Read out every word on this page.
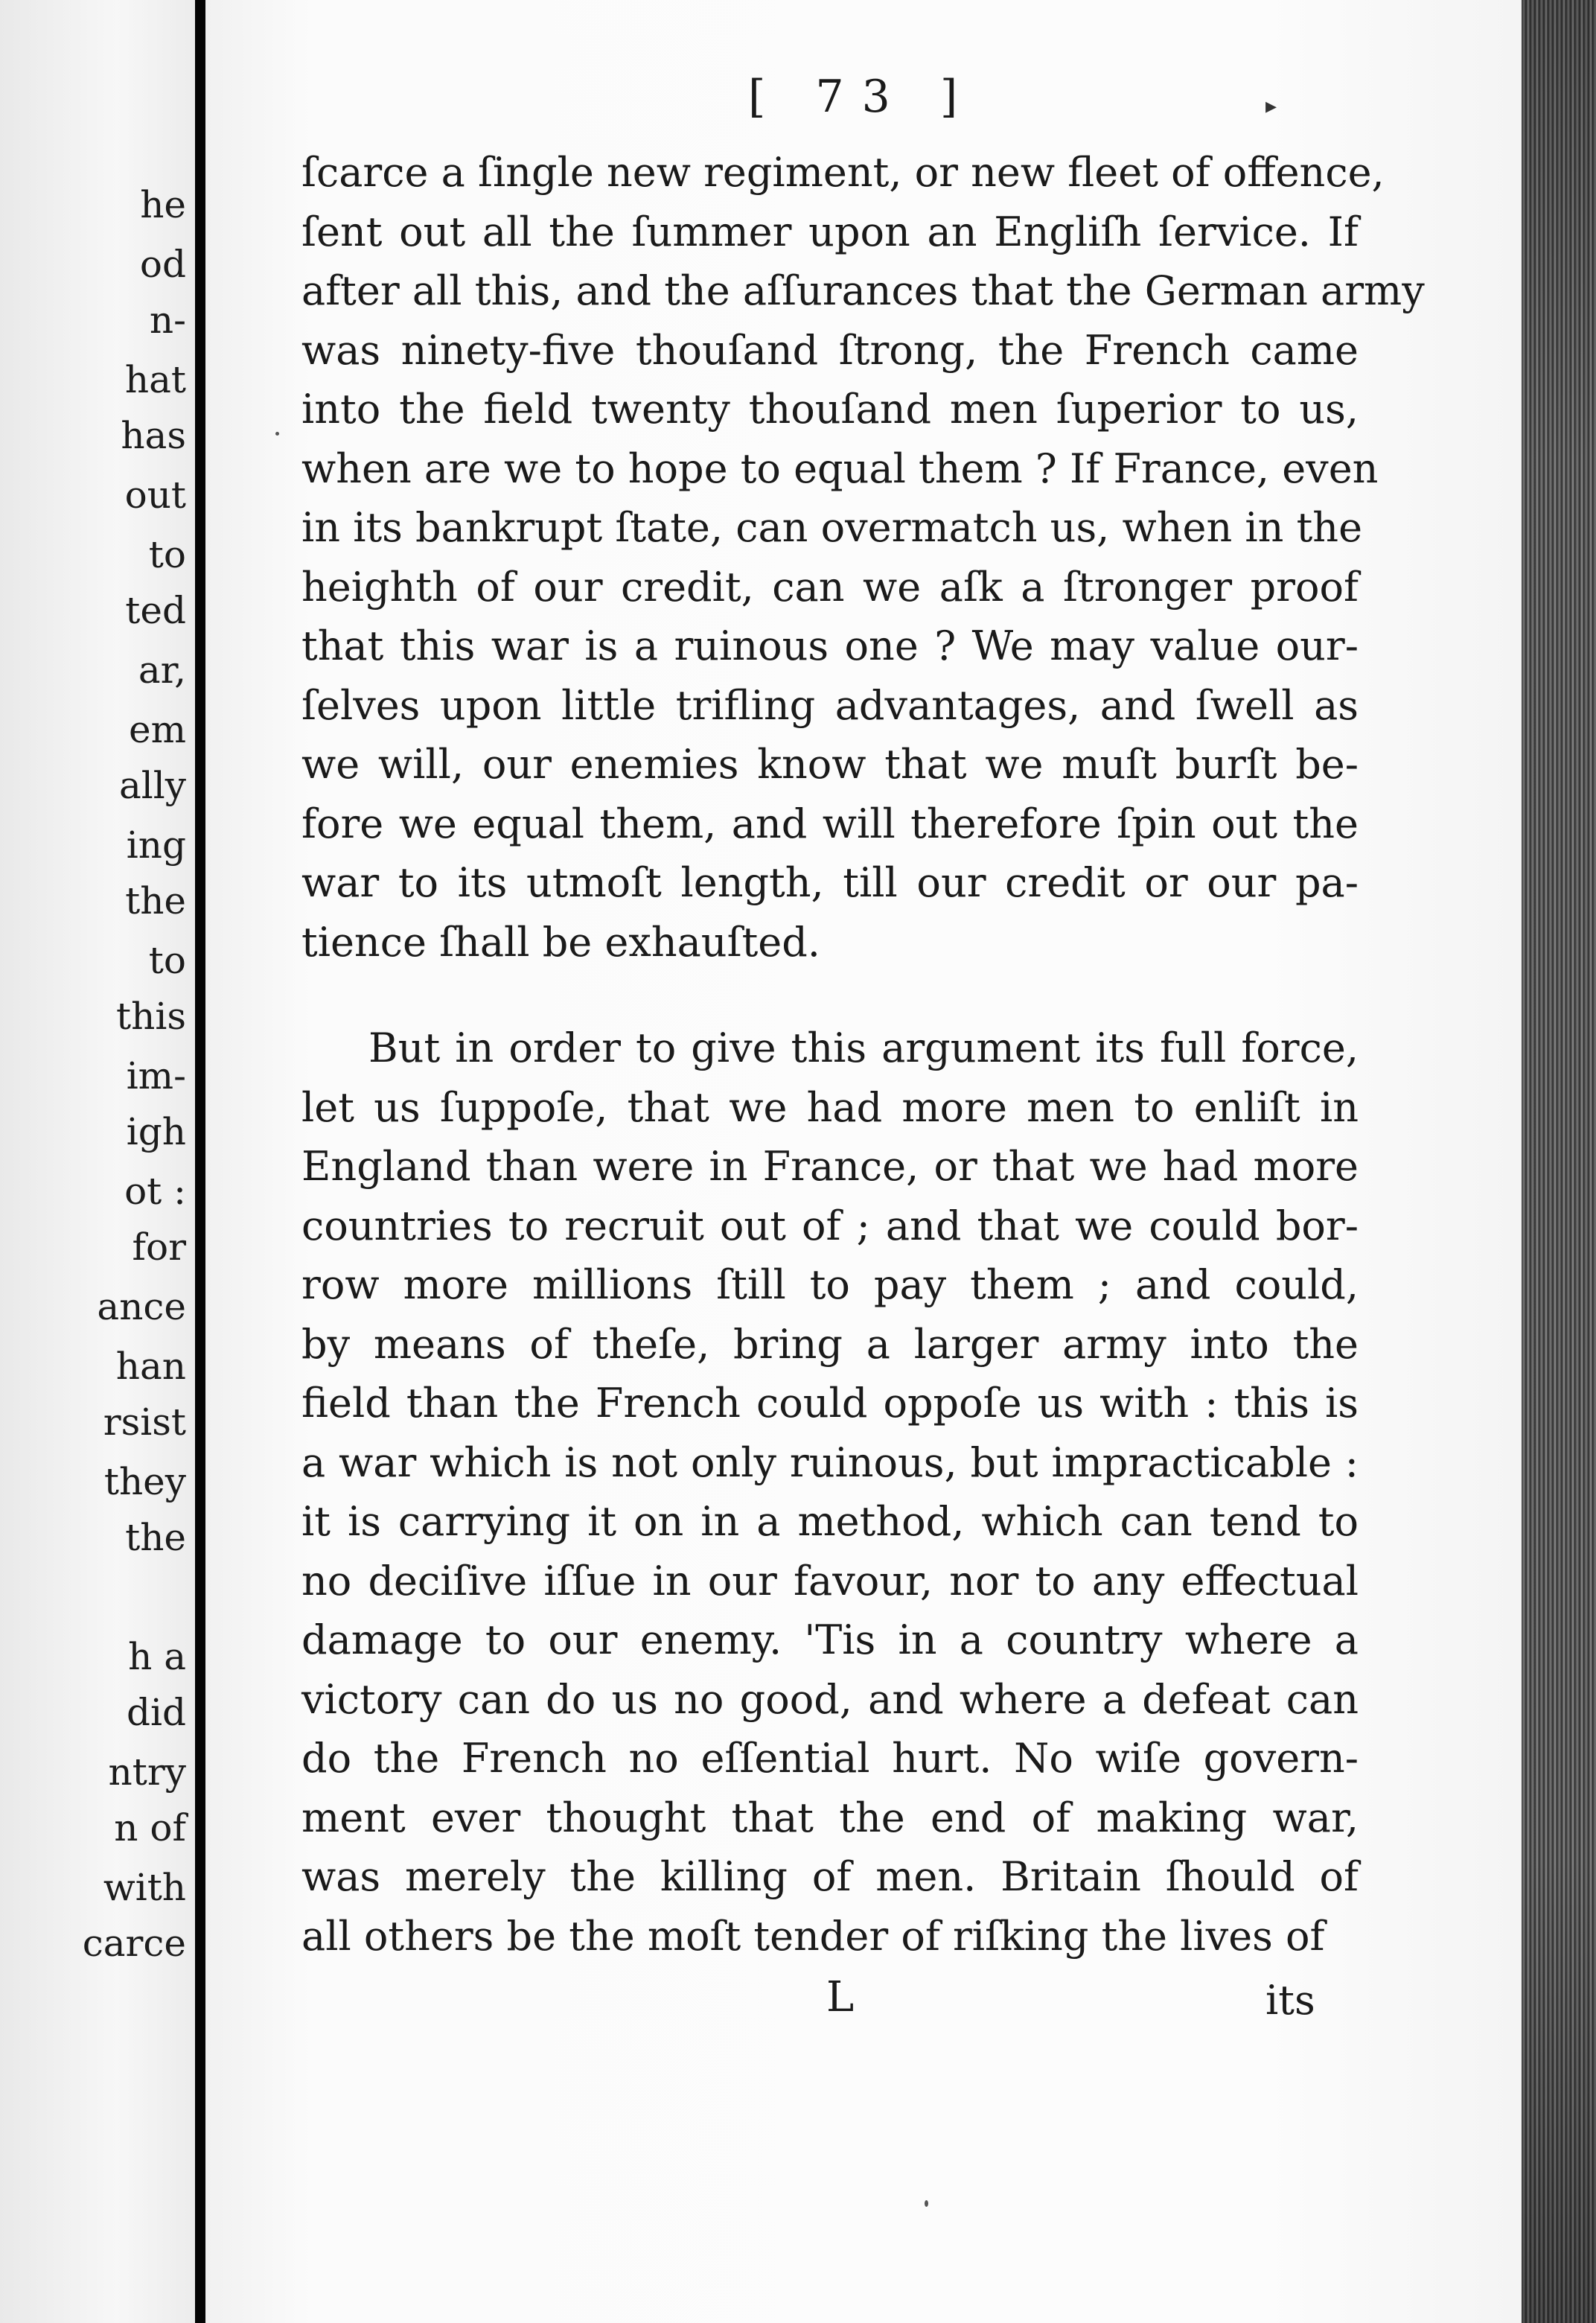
he
od
n-
hat
has
out
to
ted
ar,
em
ally
ing
the
to
this
im-
igh
ot :
for
ance
han
rsist
they
the
h a
did
ntry
n of
with
carce
[ 73 ]	▸
ſcarce a ſingle new regiment, or new fleet of offence,
ſent out all the ſummer upon an Engliſh ſervice. If
after all this, and the aſſurances that the German army
was ninety-five thouſand ſtrong, the French came
into the field twenty thouſand men ſuperior to us,
when are we to hope to equal them ? If France, even
in its bankrupt ſtate, can overmatch us, when in the
heighth of our credit, can we aſk a ſtronger proof
that this war is a ruinous one ? We may value our-
ſelves upon little trifling advantages, and ſwell as
we will, our enemies know that we muſt burſt be-
fore we equal them, and will therefore ſpin out the
war to its utmoſt length, till our credit or our pa-
tience ſhall be exhauſted.
But in order to give this argument its full force,
let us ſuppoſe, that we had more men to enliſt in
England than were in France, or that we had more
countries to recruit out of ; and that we could bor-
row more millions ſtill to pay them ; and could,
by means of theſe, bring a larger army into the
field than the French could oppoſe us with : this is
a war which is not only ruinous, but impracticable :
it is carrying it on in a method, which can tend to
no deciſive iſſue in our favour, nor to any effectual
damage to our enemy. 'Tis in a country where a
victory can do us no good, and where a defeat can
do the French no eſſential hurt. No wiſe govern-
ment ever thought that the end of making war,
was merely the killing of men. Britain ſhould of
all others be the moſt tender of riſking the lives of
L	its
